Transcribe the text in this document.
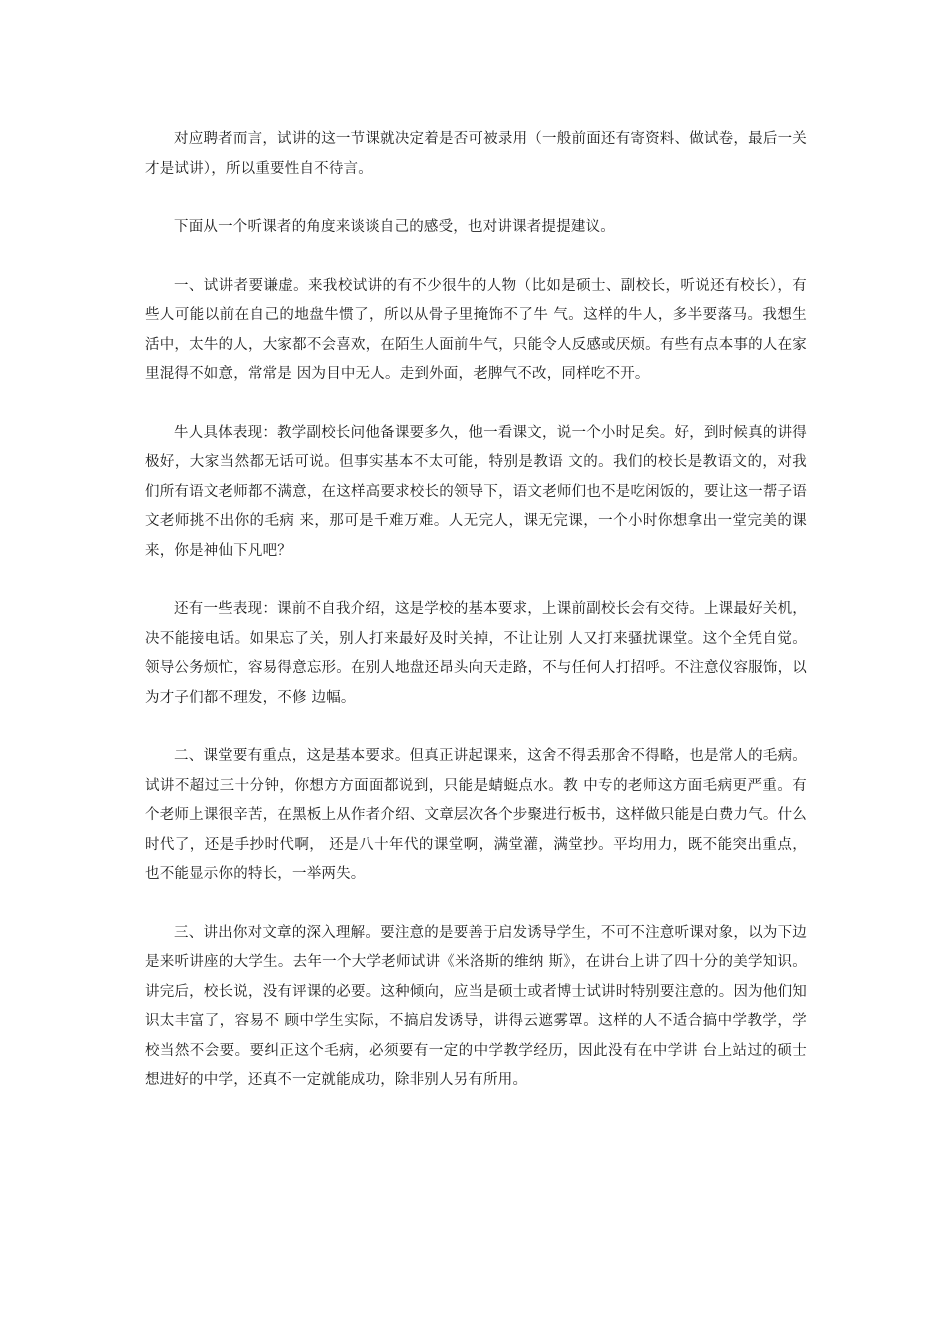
对应聘者而言，试讲的这一节课就决定着是否可被录用（一般前面还有寄资料、做试卷，最后一关才是试讲），所以重要性自不待言。

下面从一个听课者的角度来谈谈自己的感受，也对讲课者提提建议。

一、试讲者要谦虚。来我校试讲的有不少很牛的人物（比如是硕士、副校长，听说还有校长），有些人可能以前在自己的地盘牛惯了，所以从骨子里掩饰不了牛 气。这样的牛人，多半要落马。我想生活中，太牛的人，大家都不会喜欢，在陌生人面前牛气，只能令人反感或厌烦。有些有点本事的人在家里混得不如意，常常是 因为目中无人。走到外面，老脾气不改，同样吃不开。

牛人具体表现：教学副校长问他备课要多久，他一看课文，说一个小时足矣。好，到时候真的讲得极好，大家当然都无话可说。但事实基本不太可能，特别是教语 文的。我们的校长是教语文的，对我们所有语文老师都不满意，在这样高要求校长的领导下，语文老师们也不是吃闲饭的，要让这一帮子语文老师挑不出你的毛病 来，那可是千难万难。人无完人，课无完课，一个小时你想拿出一堂完美的课来，你是神仙下凡吧？

还有一些表现：课前不自我介绍，这是学校的基本要求，上课前副校长会有交待。上课最好关机，决不能接电话。如果忘了关，别人打来最好及时关掉，不让让别 人又打来骚扰课堂。这个全凭自觉。领导公务烦忙，容易得意忘形。在别人地盘还昂头向天走路，不与任何人打招呼。不注意仪容服饰，以为才子们都不理发，不修 边幅。

二、课堂要有重点，这是基本要求。但真正讲起课来，这舍不得丢那舍不得略，也是常人的毛病。试讲不超过三十分钟，你想方方面面都说到，只能是蜻蜓点水。教 中专的老师这方面毛病更严重。有个老师上课很辛苦，在黑板上从作者介绍、文章层次各个步聚进行板书，这样做只能是白费力气。什么时代了，还是手抄时代啊， 还是八十年代的课堂啊，满堂灌，满堂抄。平均用力，既不能突出重点，也不能显示你的特长，一举两失。

三、讲出你对文章的深入理解。要注意的是要善于启发诱导学生，不可不注意听课对象，以为下边是来听讲座的大学生。去年一个大学老师试讲《米洛斯的维纳 斯》，在讲台上讲了四十分的美学知识。讲完后，校长说，没有评课的必要。这种倾向，应当是硕士或者博士试讲时特别要注意的。因为他们知识太丰富了，容易不 顾中学生实际，不搞启发诱导，讲得云遮雾罩。这样的人不适合搞中学教学，学校当然不会要。要纠正这个毛病，必须要有一定的中学教学经历，因此没有在中学讲 台上站过的硕士想进好的中学，还真不一定就能成功，除非别人另有所用。
